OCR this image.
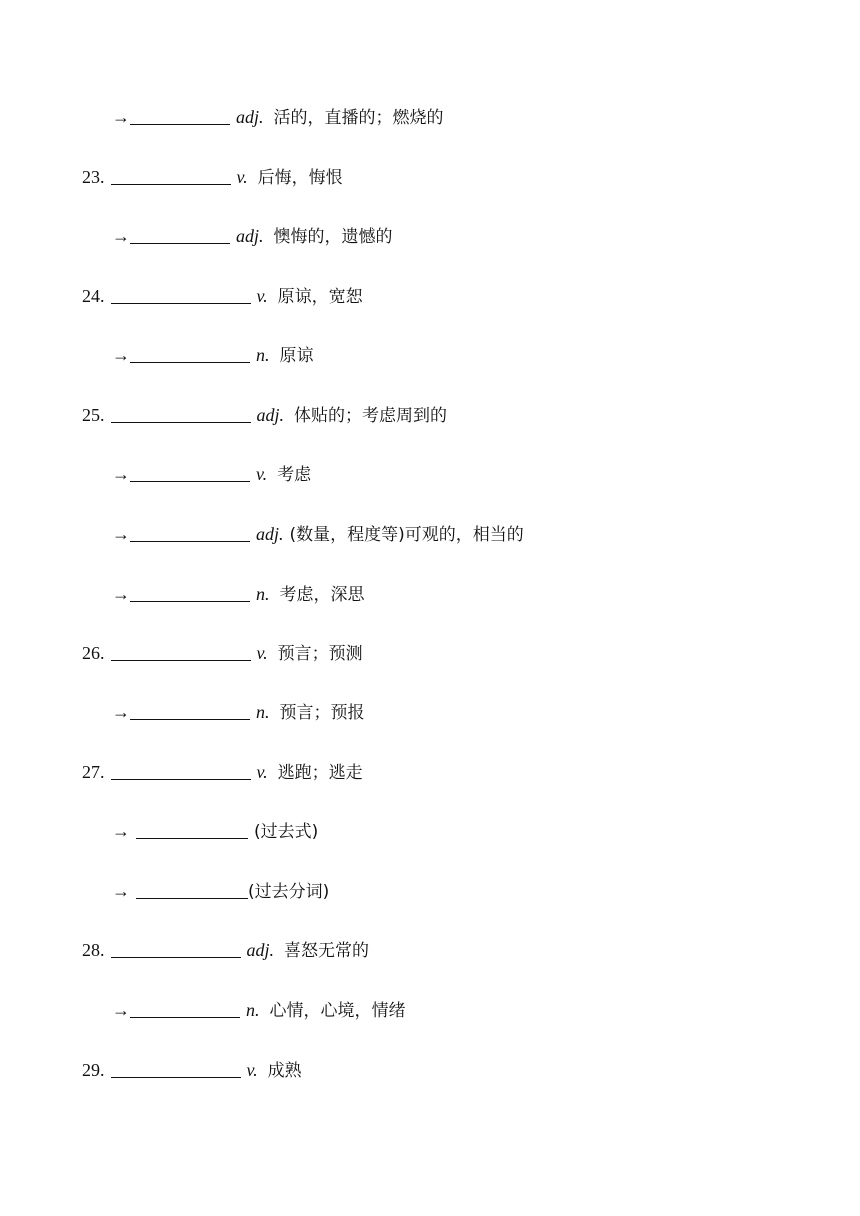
→	adj. 活的，直播的；燃烧的
23.	v. 后悔，悔恨
→	adj. 懊悔的，遗憾的
24.	v. 原谅，宽恕
→	n. 原谅
25.	adj. 体贴的；考虑周到的
→	v. 考虑
→	adj. (数量，程度等)可观的，相当的
→	n. 考虑，深思
26.	v. 预言；预测
→	n. 预言；预报
27.	v. 逃跑；逃走
→	(过去式)
→	(过去分词)
28.	adj. 喜怒无常的
→	n. 心情，心境，情绪
29.	v. 成熟
